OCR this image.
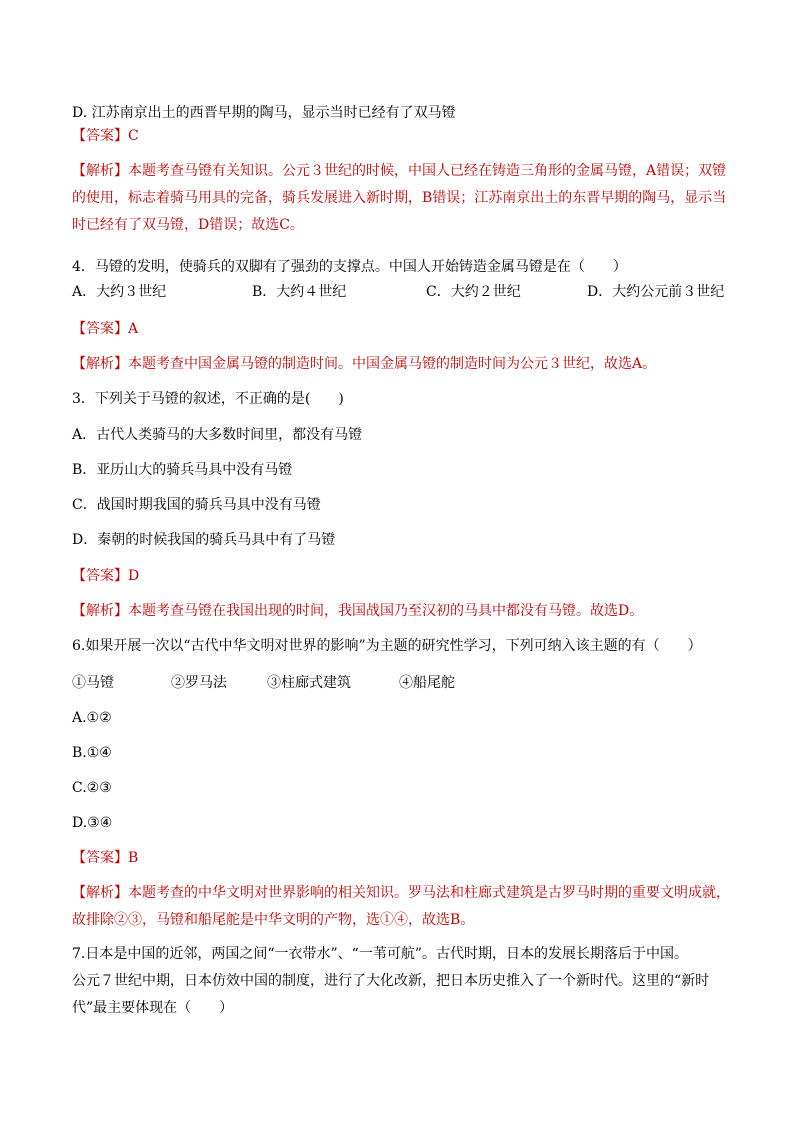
D. 江苏南京出土的西晋早期的陶马，显示当时已经有了双马镫
【答案】C
【解析】本题考查马镫有关知识。公元３世纪的时候，中国人已经在铸造三角形的金属马镫，A错误；双镫
的使用，标志着骑马用具的完备，骑兵发展进入新时期，B错误；江苏南京出土的东晋早期的陶马，显示当
时已经有了双马镫，D错误；故选C。
4．马镫的发明，使骑兵的双脚有了强劲的支撑点。中国人开始铸造金属马镫是在（　　）
A．大约３世纪	B．大约４世纪	C．大约２世纪	D．大约公元前３世纪
【答案】A
【解析】本题考查中国金属马镫的制造时间。中国金属马镫的制造时间为公元３世纪，故选A。
3．下列关于马镫的叙述，不正确的是(　　)
A．古代人类骑马的大多数时间里，都没有马镫
B．亚历山大的骑兵马具中没有马镫
C．战国时期我国的骑兵马具中没有马镫
D．秦朝的时候我国的骑兵马具中有了马镫
【答案】D
【解析】本题考查马镫在我国出现的时间，我国战国乃至汉初的马具中都没有马镫。故选D。
6.如果开展一次以“古代中华文明对世界的影响”为主题的研究性学习，下列可纳入该主题的有（　　）
①马镫	②罗马法	③柱廊式建筑	④船尾舵
A.①②
B.①④
C.②③
D.③④
【答案】B
【解析】本题考查的中华文明对世界影响的相关知识。罗马法和柱廊式建筑是古罗马时期的重要文明成就，
故排除②③，马镫和船尾舵是中华文明的产物，选①④，故选B。
7.日本是中国的近邻，两国之间“一衣带水”、“一苇可航”。古代时期，日本的发展长期落后于中国。
公元７世纪中期，日本仿效中国的制度，进行了大化改新，把日本历史推入了一个新时代。这里的“新时
代”最主要体现在（　　）
